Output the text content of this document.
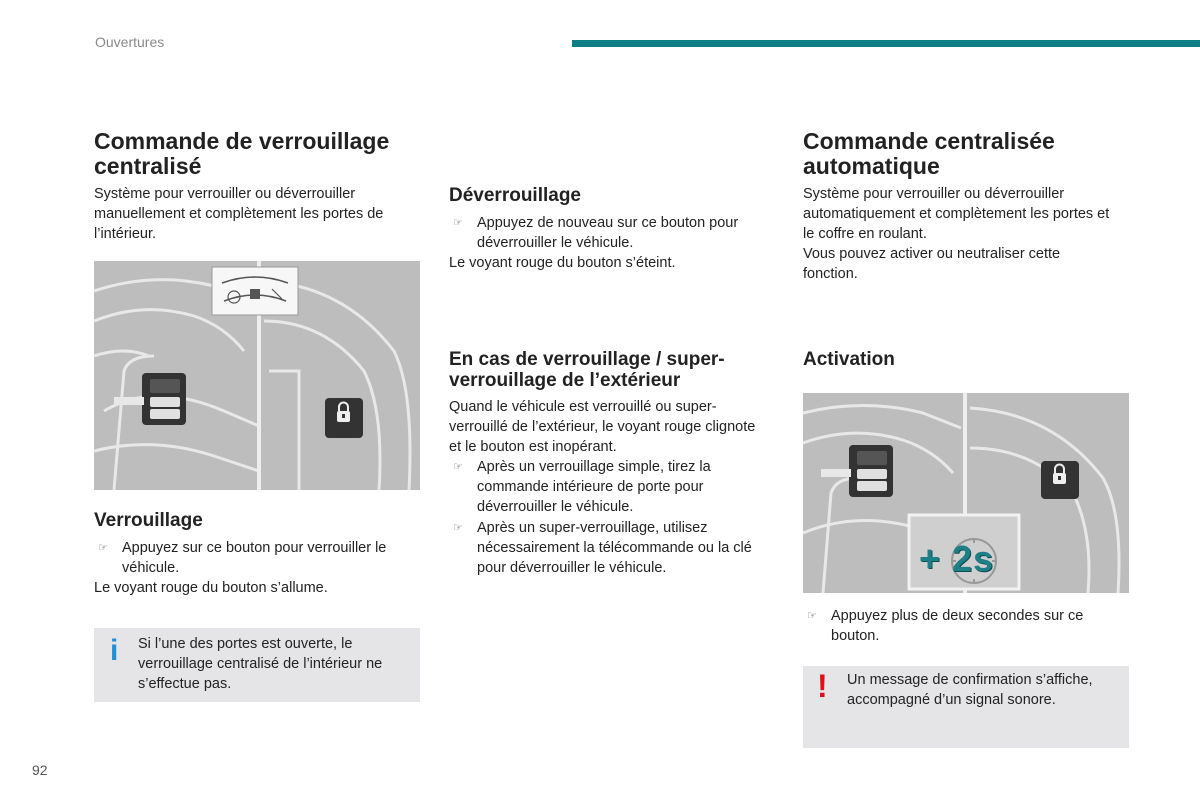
Ouvertures
Commande de verrouillage
centralisé

Système pour verrouiller ou déverrouiller
manuellement et complètement les portes de
l’intérieur.

Verrouillage
☞ Appuyez sur ce bouton pour verrouiller le
véhicule.

Le voyant rouge du bouton s’allume.

i Si l’une des portes est ouverte, le
verrouillage centralisé de l’intérieur ne
s’effectue pas.
Déverrouillage
☞ Appuyez de nouveau sur ce bouton pour
déverrouiller le véhicule.

Le voyant rouge du bouton s’éteint.

En cas de verrouillage / super-
verrouillage de l’extérieur

Quand le véhicule est verrouillé ou super-
verrouillé de l’extérieur, le voyant rouge clignote
et le bouton est inopérant.

☞ Après un verrouillage simple, tirez la
commande intérieure de porte pour
déverrouiller le véhicule.
☞ Après un super-verrouillage, utilisez
nécessairement la télécommande ou la clé
pour déverrouiller le véhicule.
Commande centralisée
automatique

Système pour verrouiller ou déverrouiller
automatiquement et complètement les portes et
le coffre en roulant.
Vous pouvez activer ou neutraliser cette
fonction.

Activation
+ 2s
☞ Appuyez plus de deux secondes sur ce
bouton.
! Un message de confirmation s’affiche,
accompagné d’un signal sonore.
92
